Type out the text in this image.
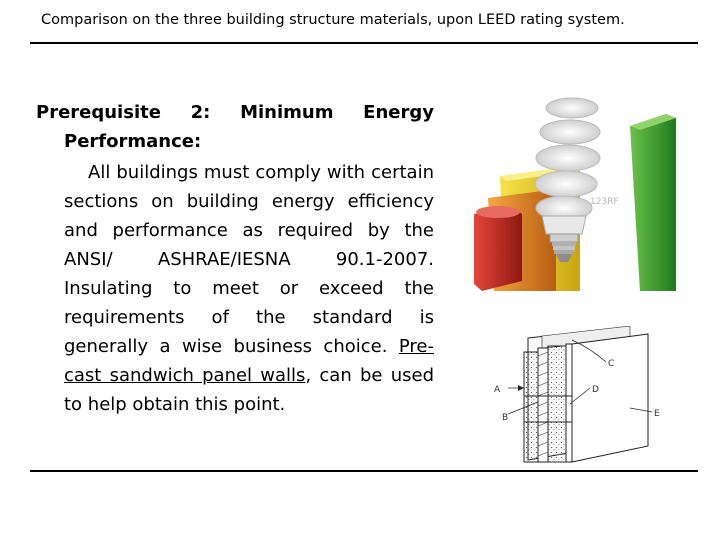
Comparison on the three building structure materials, upon LEED rating system.

Prerequisite 2: Minimum Energy Performance:

All buildings must comply with certain sections on building energy efficiency and performance as required by the ANSI/ ASHRAE/IESNA 90.1-2007. Insulating to meet or exceed the requirements of the standard is generally a wise business choice. Pre-cast sandwich panel walls, can be used to help obtain this point.

123RF
C
A	D
B	E
